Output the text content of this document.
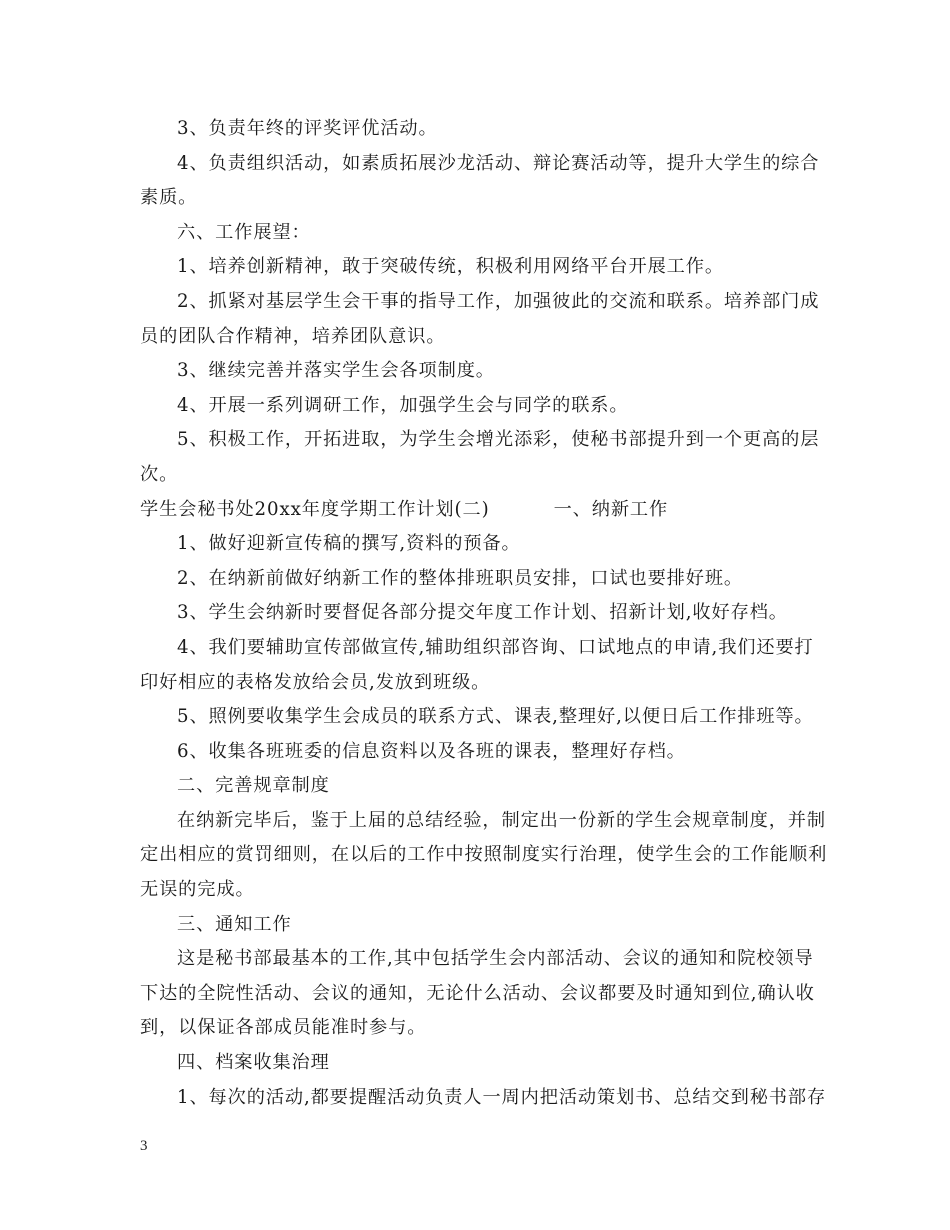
3、负责年终的评奖评优活动。
4、负责组织活动，如素质拓展沙龙活动、辩论赛活动等，提升大学生的综合
素质。
六、工作展望：
1、培养创新精神，敢于突破传统，积极利用网络平台开展工作。
2、抓紧对基层学生会干事的指导工作，加强彼此的交流和联系。培养部门成
员的团队合作精神，培养团队意识。
3、继续完善并落实学生会各项制度。
4、开展一系列调研工作，加强学生会与同学的联系。
5、积极工作，开拓进取，为学生会增光添彩，使秘书部提升到一个更高的层
次。
学生会秘书处20xx年度学期工作计划(二)	一、纳新工作
1、做好迎新宣传稿的撰写,资料的预备。
2、在纳新前做好纳新工作的整体排班职员安排，口试也要排好班。
3、学生会纳新时要督促各部分提交年度工作计划、招新计划,收好存档。
4、我们要辅助宣传部做宣传,辅助组织部咨询、口试地点的申请,我们还要打
印好相应的表格发放给会员,发放到班级。
5、照例要收集学生会成员的联系方式、课表,整理好,以便日后工作排班等。
6、收集各班班委的信息资料以及各班的课表，整理好存档。
二、完善规章制度
在纳新完毕后，鉴于上届的总结经验，制定出一份新的学生会规章制度，并制
定出相应的赏罚细则，在以后的工作中按照制度实行治理，使学生会的工作能顺利
无误的完成。
三、通知工作
这是秘书部最基本的工作,其中包括学生会内部活动、会议的通知和院校领导
下达的全院性活动、会议的通知，无论什么活动、会议都要及时通知到位,确认收
到，以保证各部成员能准时参与。
四、档案收集治理
1、每次的活动,都要提醒活动负责人一周内把活动策划书、总结交到秘书部存
3
